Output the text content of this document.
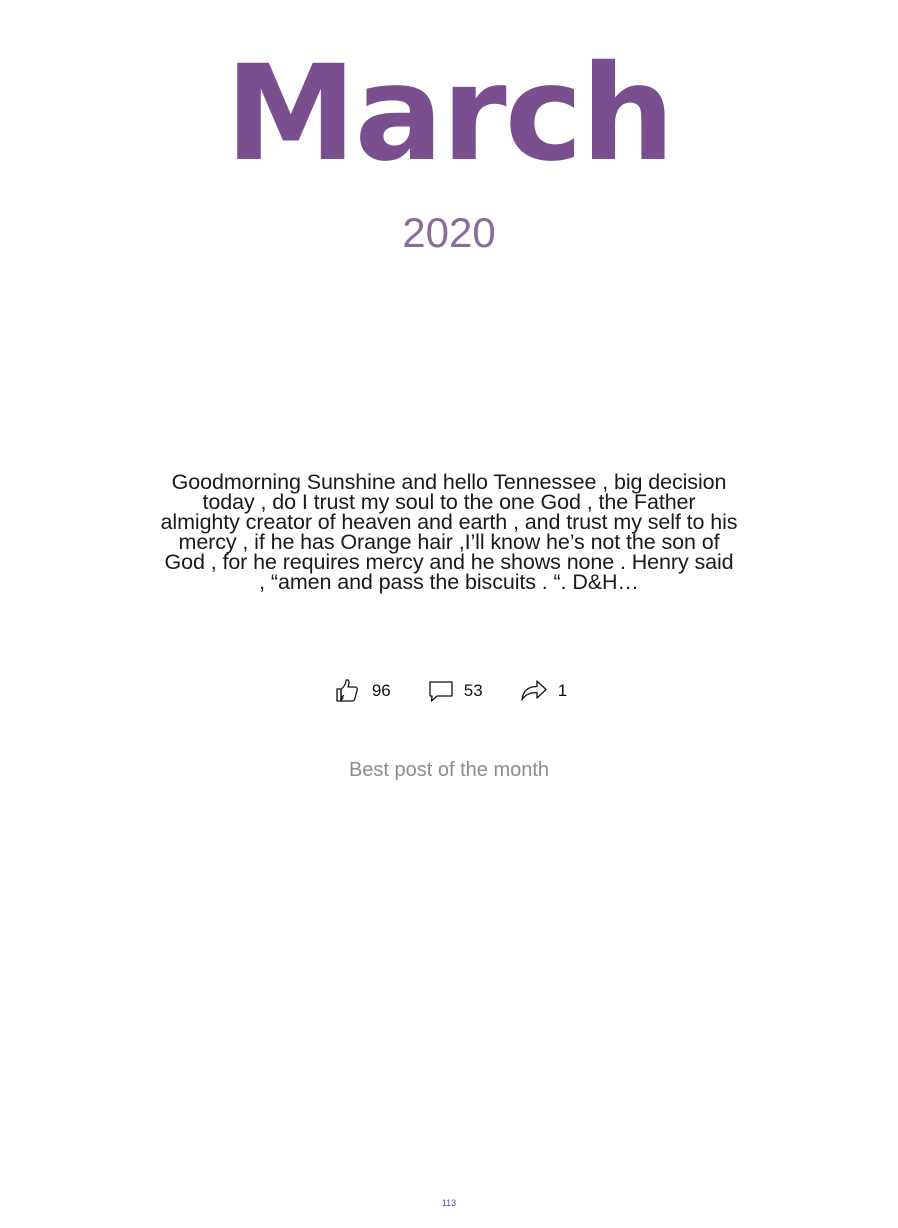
March
2020
Goodmorning Sunshine and hello Tennessee , big decision today , do I trust my soul to the one God , the Father almighty creator of heaven and earth , and trust my self to his mercy , if he has Orange hair ,I’ll know he’s not the son of God , for he requires mercy and he shows none . Henry said , “amen and pass the biscuits . “. D&H…
96	53	1
Best post of the month
113
